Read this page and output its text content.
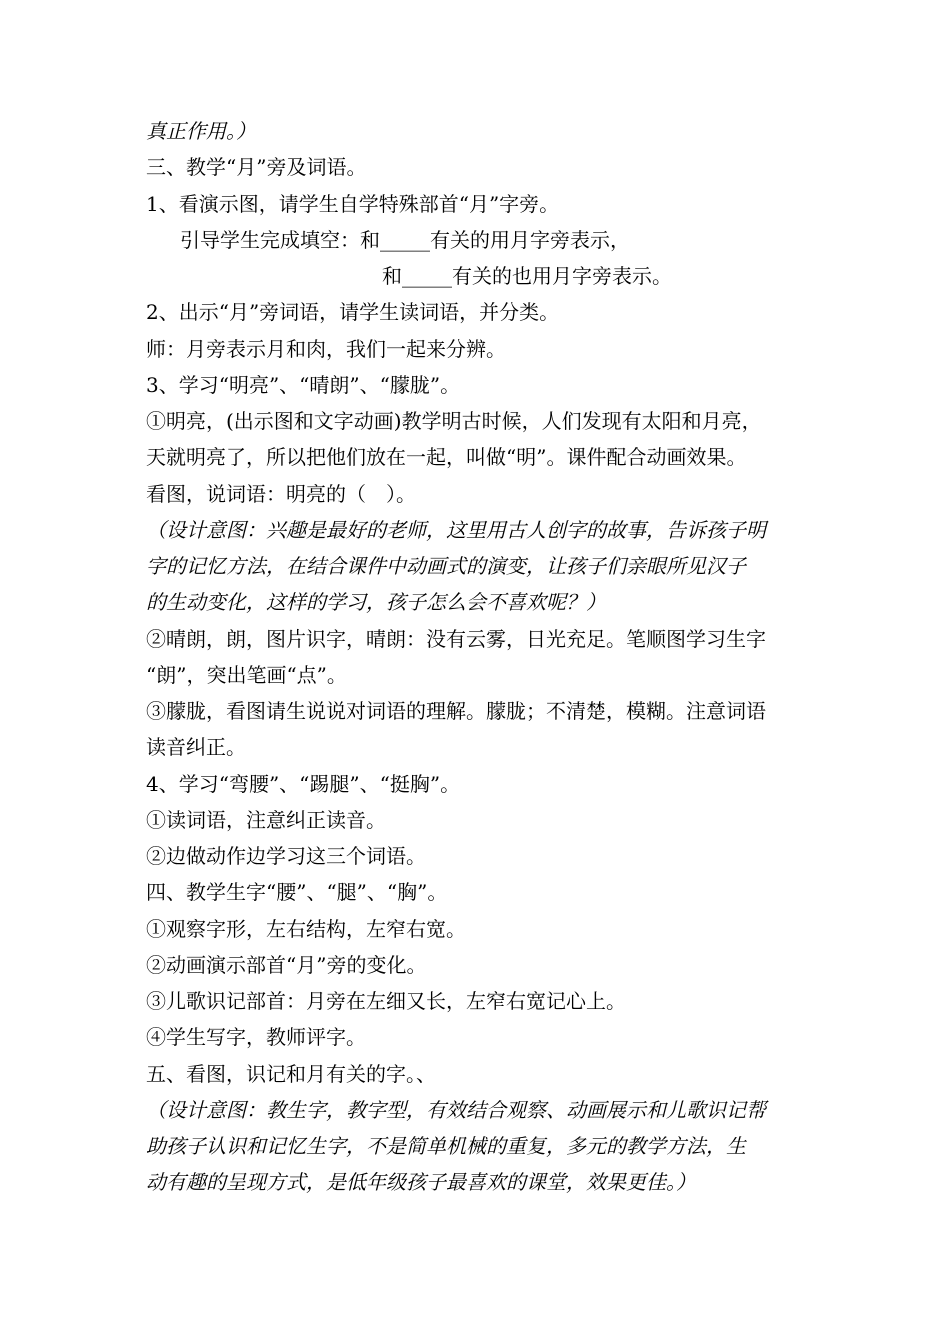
真正作用。）
三、教学“月”旁及词语。
1、看演示图，请学生自学特殊部首“月”字旁。
引导学生完成填空：和_____有关的用月字旁表示，
和_____有关的也用月字旁表示。
2、出示“月”旁词语，请学生读词语，并分类。
师：月旁表示月和肉，我们一起来分辨。
3、学习“明亮”、“晴朗”、“朦胧”。
①明亮，(出示图和文字动画)教学明古时候，人们发现有太阳和月亮，
天就明亮了，所以把他们放在一起，叫做“明”。课件配合动画效果。
看图，说词语：明亮的（　）。
（设计意图：兴趣是最好的老师，这里用古人创字的故事，告诉孩子明
字的记忆方法，在结合课件中动画式的演变，让孩子们亲眼所见汉子
的生动变化，这样的学习，孩子怎么会不喜欢呢？）
②晴朗，朗，图片识字，晴朗：没有云雾，日光充足。笔顺图学习生字
“朗”，突出笔画“点”。
③朦胧，看图请生说说对词语的理解。朦胧；不清楚，模糊。注意词语
读音纠正。
4、学习“弯腰”、“踢腿”、“挺胸”。
①读词语，注意纠正读音。
②边做动作边学习这三个词语。
四、教学生字“腰”、“腿”、“胸”。
①观察字形，左右结构，左窄右宽。
②动画演示部首“月”旁的变化。
③儿歌识记部首：月旁在左细又长，左窄右宽记心上。
④学生写字，教师评字。
五、看图，识记和月有关的字。、
（设计意图：教生字，教字型，有效结合观察、动画展示和儿歌识记帮
助孩子认识和记忆生字，不是简单机械的重复，多元的教学方法，生
动有趣的呈现方式，是低年级孩子最喜欢的课堂，效果更佳。）
